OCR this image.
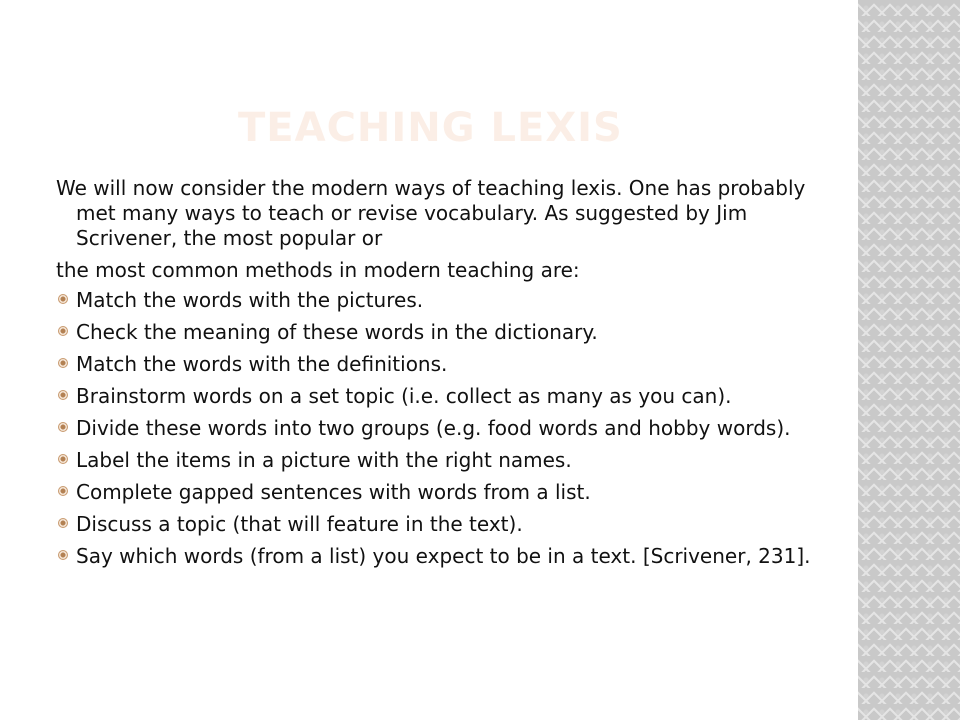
TEACHING LEXIS

We will now consider the modern ways of teaching lexis. One has probably met many ways to teach or revise vocabulary. As suggested by Jim Scrivener, the most popular or

the most common methods in modern teaching are:

Match the words with the pictures.
Check the meaning of these words in the dictionary.
Match the words with the definitions.
Brainstorm words on a set topic (i.e. collect as many as you can).
Divide these words into two groups (e.g. food words and hobby words).
Label the items in a picture with the right names.
Complete gapped sentences with words from a list.
Discuss a topic (that will feature in the text).
Say which words (from a list) you expect to be in a text. [Scrivener, 231].
